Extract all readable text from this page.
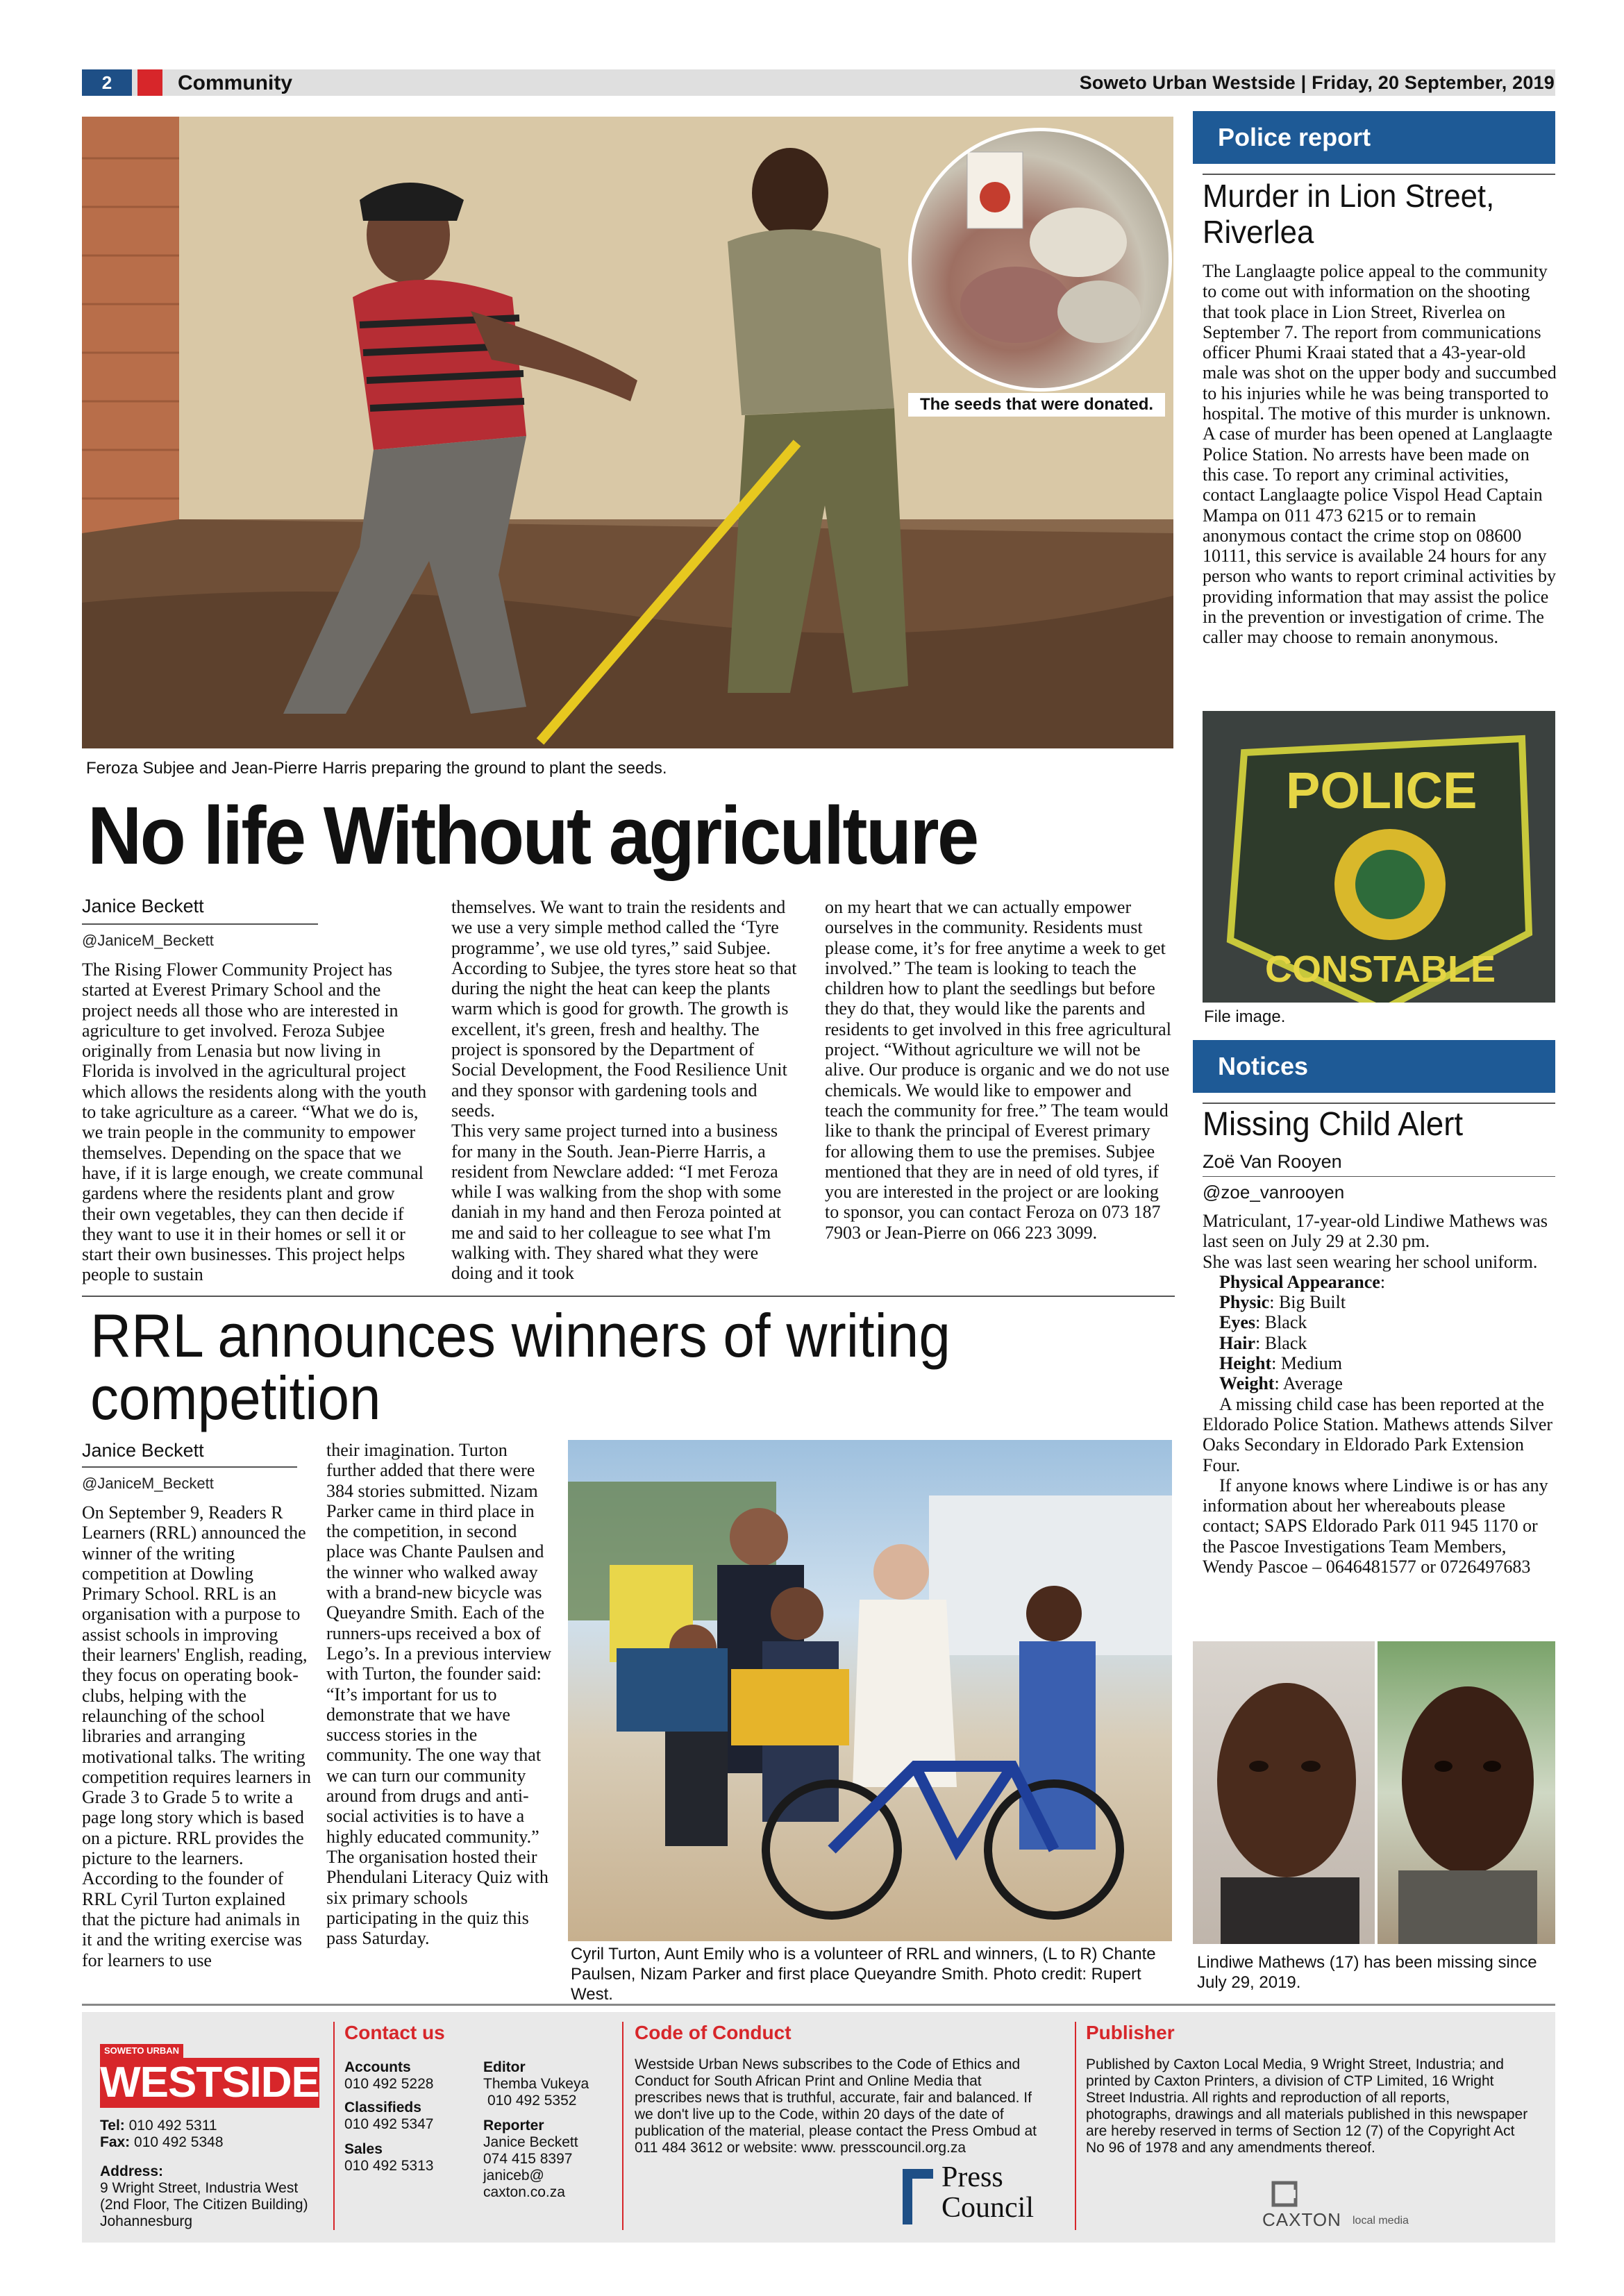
2	Community	Soweto Urban Westside | Friday, 20 September, 2019
The seeds that were donated.
Feroza Subjee and Jean-Pierre Harris preparing the ground to plant the seeds.
No life Without agriculture
Janice Beckett
@JaniceM_Beckett
The Rising Flower Community Project has started at Everest Primary School and the project needs all those who are interested in agriculture to get involved. Feroza Subjee originally from Lenasia but now living in Florida is involved in the agricultural project which allows the residents along with the youth to take agriculture as a career. “What we do is, we train people in the community to empower themselves. Depending on the space that we have, if it is large enough, we create communal gardens where the residents plant and grow their own vegetables, they can then decide if they want to use it in their homes or sell it or start their own businesses. This project helps people to sustain
themselves. We want to train the residents and we use a very simple method called the ‘Tyre programme’, we use old tyres,” said Subjee. According to Subjee, the tyres store heat so that during the night the heat can keep the plants warm which is good for growth. The growth is excellent, it's green, fresh and healthy. The project is sponsored by the Department of Social Development, the Food Resilience Unit and they sponsor with gardening tools and seeds.
This very same project turned into a business for many in the South. Jean-Pierre Harris, a resident from Newclare added: “I met Feroza while I was walking from the shop with some daniah in my hand and then Feroza pointed at me and said to her colleague to see what I'm walking with. They shared what they were doing and it took
on my heart that we can actually empower ourselves in the community. Residents must please come, it’s for free anytime a week to get involved.” The team is looking to teach the children how to plant the seedlings but before they do that, they would like the parents and residents to get involved in this free agricultural project. “Without agriculture we will not be alive. Our produce is organic and we do not use chemicals. We would like to empower and teach the community for free.” The team would like to thank the principal of Everest primary for allowing them to use the premises. Subjee mentioned that they are in need of old tyres, if you are interested in the project or are looking to sponsor, you can contact Feroza on 073 187 7903 or Jean-Pierre on 066 223 3099.
RRL announces winners of writing
competition
Janice Beckett
@JaniceM_Beckett
On September 9, Readers R Learners (RRL) announced the winner of the writing competition at Dowling Primary School. RRL is an organisation with a purpose to assist schools in improving their learners' English, reading, they focus on operating book-clubs, helping with the relaunching of the school libraries and arranging motivational talks. The writing competition requires learners in Grade 3 to Grade 5 to write a page long story which is based on a picture. RRL provides the picture to the learners. According to the founder of RRL Cyril Turton explained that the picture had animals in it and the writing exercise was for learners to use
their imagination. Turton further added that there were 384 stories submitted. Nizam Parker came in third place in the competition, in second place was Chante Paulsen and the winner who walked away with a brand-new bicycle was Queyandre Smith. Each of the runners-ups received a box of Lego’s. In a previous interview with Turton, the founder said: “It’s important for us to demonstrate that we have success stories in the community. The one way that we can turn our community around from drugs and anti-social activities is to have a highly educated community.” The organisation hosted their Phendulani Literacy Quiz with six primary schools participating in the quiz this pass Saturday.
Cyril Turton, Aunt Emily who is a volunteer of RRL and winners, (L to R) Chante Paulsen, Nizam Parker and first place Queyandre Smith. Photo credit: Rupert West.
Police report
Murder in Lion Street, Riverlea
The Langlaagte police appeal to the community to come out with information on the shooting that took place in Lion Street, Riverlea on September 7. The report from communications officer Phumi Kraai stated that a 43-year-old male was shot on the upper body and succumbed to his injuries while he was being transported to hospital. The motive of this murder is unknown. A case of murder has been opened at Langlaagte Police Station. No arrests have been made on this case. To report any criminal activities, contact Langlaagte police Vispol Head Captain Mampa on 011 473 6215 or to remain anonymous contact the crime stop on 08600 10111, this service is available 24 hours for any person who wants to report criminal activities by providing information that may assist the police in the prevention or investigation of crime. The caller may choose to remain anonymous.
POLICE
CONSTABLE
File image.
Notices
Missing Child Alert
Zoë Van Rooyen
@zoe_vanrooyen
Matriculant, 17-year-old Lindiwe Mathews was last seen on July 29 at 2.30 pm.
She was last seen wearing her school uniform.
Physical Appearance:
Physic: Big Built
Eyes: Black
Hair: Black
Height: Medium
Weight: Average
A missing child case has been reported at the Eldorado Police Station. Mathews attends Silver Oaks Secondary in Eldorado Park Extension Four.
If anyone knows where Lindiwe is or has any information about her whereabouts please contact; SAPS Eldorado Park 011 945 1170 or the Pascoe Investigations Team Members, Wendy Pascoe – 0646481577 or 0726497683
Lindiwe Mathews (17) has been missing since July 29, 2019.
SOWETO URBAN
WESTSIDE
Tel: 010 492 5311
Fax: 010 492 5348
Address:
9 Wright Street, Industria West (2nd Floor, The Citizen Building) Johannesburg
Contact us
Accounts
010 492 5228
Classifieds
010 492 5347
Sales
010 492 5313
Editor
Themba Vukeya
010 492 5352
Reporter
Janice Beckett
074 415 8397
janiceb@
caxton.co.za
Code of Conduct
Westside Urban News subscribes to the Code of Ethics and Conduct for South African Print and Online Media that prescribes news that is truthful, accurate, fair and balanced. If we don't live up to the Code, within 20 days of the date of publication of the material, please contact the Press Ombud at 011 484 3612 or website: www. presscouncil.org.za
Press
Council
Publisher
Published by Caxton Local Media, 9 Wright Street, Industria; and printed by Caxton Printers, a division of CTP Limited, 16 Wright Street Industria. All rights and reproduction of all reports, photographs, drawings and all materials published in this newspaper are hereby reserved in terms of Section 12 (7) of the Copyright Act No 96 of 1978 and any amendments thereof.
CAXTON local media
